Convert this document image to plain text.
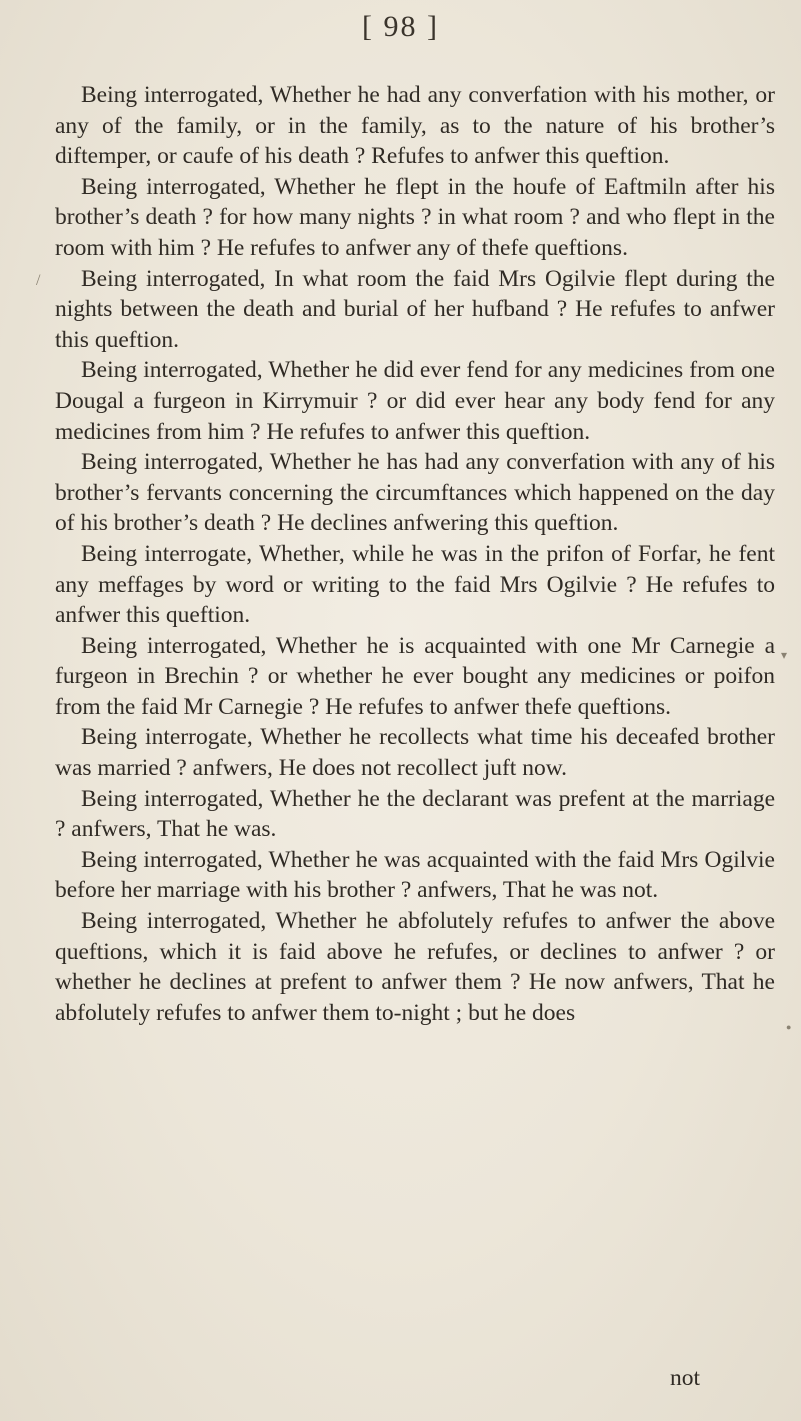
[ 98 ]

Being interrogated, Whether he had any converfation with his mother, or any of the family, or in the family, as to the nature of his brother’s diftemper, or caufe of his death ? Refufes to anfwer this queftion.

Being interrogated, Whether he flept in the houfe of Eaftmiln after his brother’s death ? for how many nights ? in what room ? and who flept in the room with him ? He refufes to anfwer any of thefe queftions.

Being interrogated, In what room the faid Mrs Ogilvie flept during the nights between the death and burial of her hufband ? He refufes to anfwer this queftion.

Being interrogated, Whether he did ever fend for any medicines from one Dougal a furgeon in Kirrymuir ? or did ever hear any body fend for any medicines from him ? He refufes to anfwer this queftion.

Being interrogated, Whether he has had any converfation with any of his brother’s fervants concerning the circumftances which happened on the day of his brother’s death ? He declines anfwering this queftion.

Being interrogate, Whether, while he was in the prifon of Forfar, he fent any meffages by word or writing to the faid Mrs Ogilvie ? He refufes to anfwer this queftion.

Being interrogated, Whether he is acquainted with one Mr Carnegie a furgeon in Brechin ? or whether he ever bought any medicines or poifon from the faid Mr Carnegie ? He refufes to anfwer thefe queftions.

Being interrogate, Whether he recollects what time his deceafed brother was married ? anfwers, He does not recollect juft now.

Being interrogated, Whether he the declarant was prefent at the marriage ? anfwers, That he was.

Being interrogated, Whether he was acquainted with the faid Mrs Ogilvie before her marriage with his brother ? anfwers, That he was not.

Being interrogated, Whether he abfolutely refufes to anfwer the above queftions, which it is faid above he refufes, or declines to anfwer ? or whether he declines at prefent to anfwer them ? He now anfwers, That he abfolutely refufes to anfwer them to-night ; but he does

not
/
▾
●
